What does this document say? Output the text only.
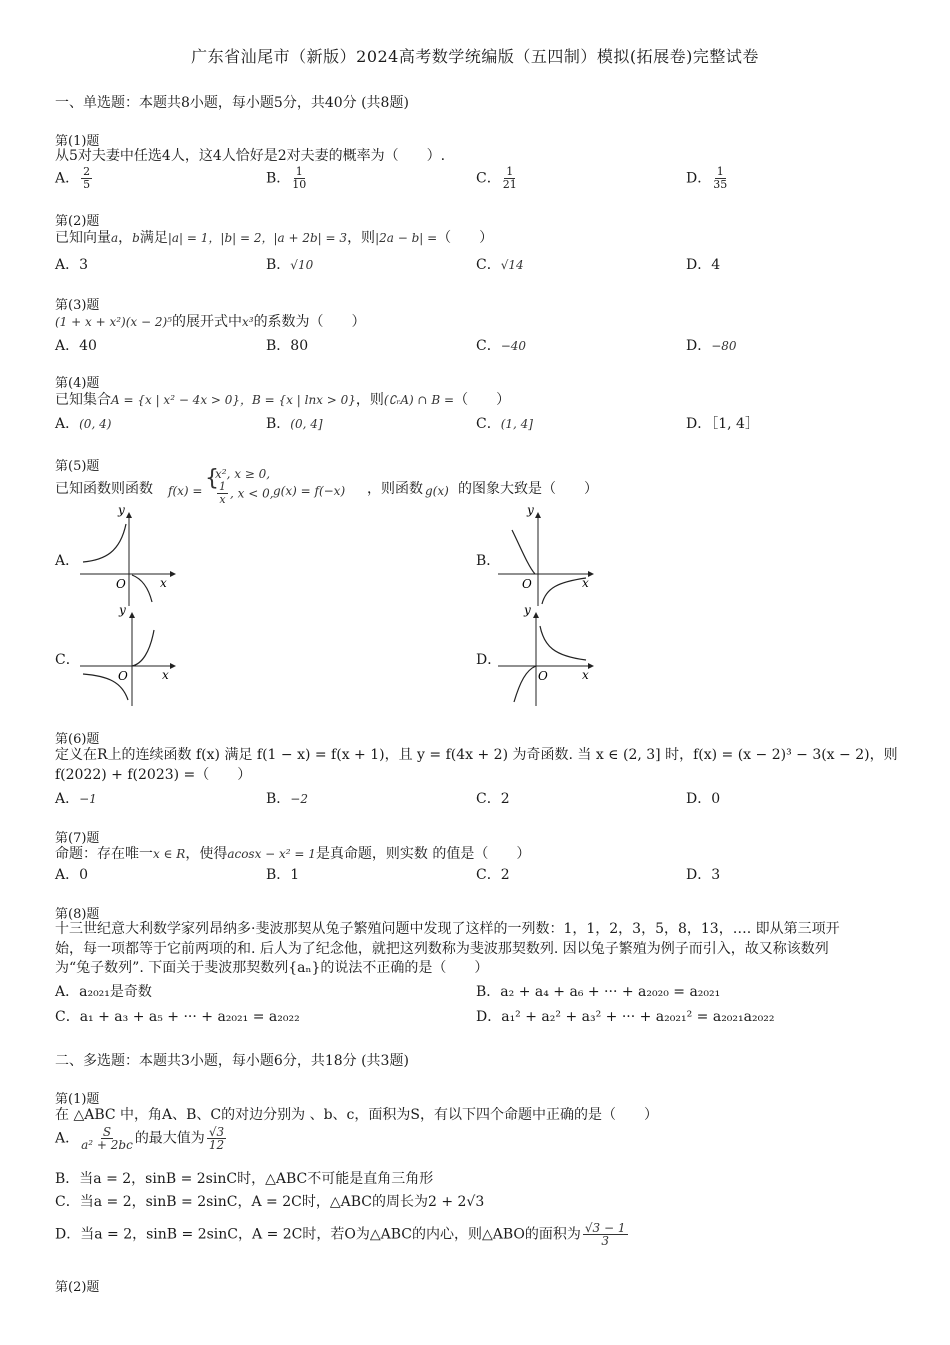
广东省汕尾市（新版）2024高考数学统编版（五四制）模拟(拓展卷)完整试卷
一、单选题：本题共8小题，每小题5分，共40分 (共8题)
第(1)题
从5对夫妻中任选4人，这4人恰好是2对夫妻的概率为（　　）.
A． $\frac{2}{5}$	B． $\frac{1}{10}$	C． $\frac{1}{21}$	D． $\frac{1}{35}$
第(2)题
已知向量a，b满足|a| = 1，|b| = 2，|a + 2b| = 3，则|2a − b| =（　　）
A．3	B．√10	C．√14	D．4
第(3)题
(1 + x + x²)(x − 2)⁵的展开式中x³的系数为（　　）
A．40	B．80	C．−40	D．−80
第(4)题
已知集合A = {x | x² − 4x > 0}，B = {x | lnx > 0}，则(∁ᵣA) ∩ B =（　　）
A．(0, 4)	B．(0, 4]	C．(1, 4]	D．［1, 4］
第(5)题
已知函数则函数 f(x) = {
x², x ≥ 0,
$\frac{1}{x}$ , x < 0, g(x) = f(−x) ，则函数 g(x) 的图象大致是（　　）
A．
y
O	x
B．
y
O	x
C．
y
O	x
D．
y
O	x
第(6)题
定义在R上的连续函数 f(x) 满足 f(1 − x) = f(x + 1)，且 y = f(4x + 2) 为奇函数. 当 x ∈ (2, 3] 时，f(x) = (x − 2)³ − 3(x − 2)，则
f(2022) + f(2023) =（　　）
A．−1	B．−2	C．2	D．0
第(7)题
命题：存在唯一x ∈ R，使得acosx − x² = 1是真命题，则实数 的值是（　　）
A．0	B．1	C．2	D．3
第(8)题
十三世纪意大利数学家列昂纳多·斐波那契从兔子繁殖问题中发现了这样的一列数：1，1，2，3，5，8，13，…. 即从第三项开
始，每一项都等于它前两项的和. 后人为了纪念他，就把这列数称为斐波那契数列. 因以兔子繁殖为例子而引入，故又称该数列
为“兔子数列”. 下面关于斐波那契数列{aₙ}的说法不正确的是（　　）
A．a₂₀₂₁是奇数	B．a₂ + a₄ + a₆ + ··· + a₂₀₂₀ = a₂₀₂₁
C．a₁ + a₃ + a₅ + ··· + a₂₀₂₁ = a₂₀₂₂	D．a₁² + a₂² + a₃² + ··· + a₂₀₂₁² = a₂₀₂₁a₂₀₂₂
二、多选题：本题共3小题，每小题6分，共18分 (共3题)
第(1)题
在 △ABC 中，角A、B、C的对边分别为 、b、c，面积为S，有以下四个命题中正确的是（　　）
A． $\frac{S}{\text{a² + 2bc}}$ 的最大值为 $\frac{√3}{12}$
B．当a = 2，sinB = 2sinC时，△ABC不可能是直角三角形
C．当a = 2，sinB = 2sinC，A = 2C时，△ABC的周长为2 + 2√3
D．当a = 2，sinB = 2sinC，A = 2C时，若O为△ABC的内心，则△ABO的面积为 $\frac{√3 - 1}{3}$
第(2)题
